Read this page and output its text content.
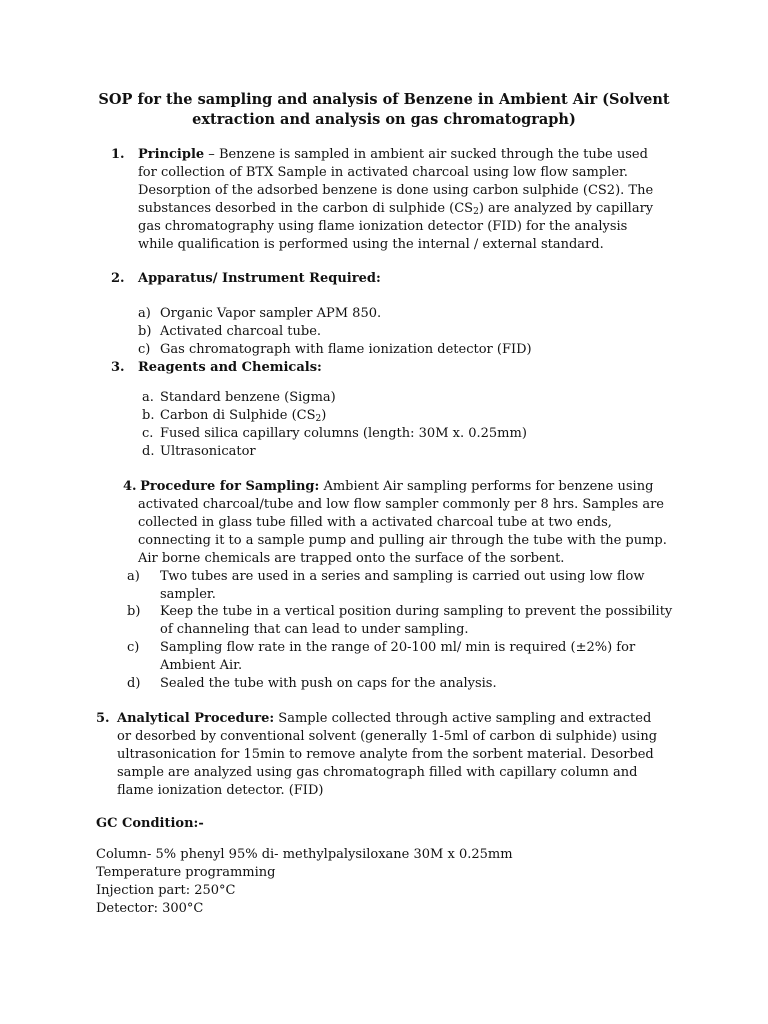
SOP for the sampling and analysis of Benzene in Ambient Air (Solvent
extraction and analysis on gas chromatograph)
1. Principle – Benzene is sampled in ambient air sucked through the tube used for collection of BTX Sample in activated charcoal using low flow sampler. Desorption of the adsorbed benzene is done using carbon sulphide (CS2). The substances desorbed in the carbon di sulphide $(CS_2)$ are analyzed by capillary gas chromatography using flame ionization detector (FID) for the analysis while qualification is performed using the internal / external standard.
2. Apparatus/ Instrument Required:
a) Organic Vapor sampler APM 850.
b) Activated charcoal tube.
c) Gas chromatograph with flame ionization detector (FID)
3. Reagents and Chemicals:
a. Standard benzene (Sigma)
b. Carbon di Sulphide $(CS_2)$
c. Fused silica capillary columns (length: 30M x. 0.25mm)
d. Ultrasonicator
4. Procedure for Sampling: Ambient Air sampling performs for benzene using activated charcoal/tube and low flow sampler commonly per 8 hrs. Samples are collected in glass tube filled with a activated charcoal tube at two ends, connecting it to a sample pump and pulling air through the tube with the pump. Air borne chemicals are trapped onto the surface of the sorbent.
a) Two tubes are used in a series and sampling is carried out using low flow sampler.
b) Keep the tube in a vertical position during sampling to prevent the possibility of channeling that can lead to under sampling.
c) Sampling flow rate in the range of 20-100 ml/ min is required (±2%) for Ambient Air.
d) Sealed the tube with push on caps for the analysis.
5. Analytical Procedure: Sample collected through active sampling and extracted or desorbed by conventional solvent (generally 1-5ml of carbon di sulphide) using ultrasonication for 15min to remove analyte from the sorbent material. Desorbed sample are analyzed using gas chromatograph filled with capillary column and flame ionization detector. (FID)
GC Condition:-
Column- 5% phenyl 95% di- methylpalysiloxane 30M x 0.25mm
Temperature programming
Injection part: 250°C
Detector: 300°C
